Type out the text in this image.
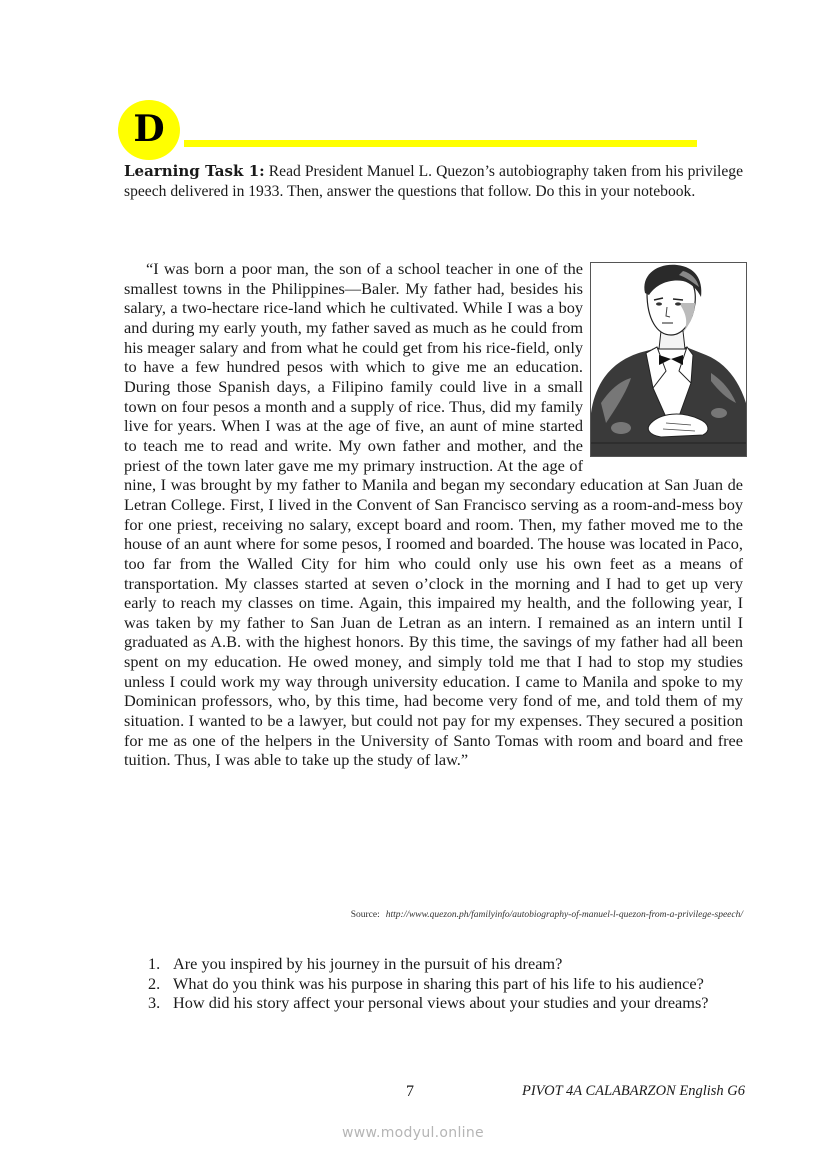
D
Learning Task 1: Read President Manuel L. Quezon’s autobiography taken from his privilege speech delivered in 1933. Then, answer the questions that follow. Do this in your notebook.

“I was born a poor man, the son of a school teacher in one of the smallest towns in the Philippines—Baler. My father had, besides his salary, a two-hectare rice-land which he cultivated. While I was a boy and during my early youth, my father saved as much as he could from his meager salary and from what he could get from his rice-field, only to have a few hundred pesos with which to give me an education. During those Spanish days, a Filipino family could live in a small town on four pesos a month and a supply of rice. Thus, did my family live for years. When I was at the age of five, an aunt of mine started to teach me to read and write. My own father and mother, and the priest of the town later gave me my primary instruction. At the age of nine, I was brought by my father to Manila and began my secondary education at San Juan de Letran College. First, I lived in the Convent of San Francisco serving as a room-and-mess boy for one priest, receiving no salary, except board and room. Then, my father moved me to the house of an aunt where for some pesos, I roomed and boarded. The house was located in Paco, too far from the Walled City for him who could only use his own feet as a means of transportation. My classes started at seven o’clock in the morning and I had to get up very early to reach my classes on time. Again, this impaired my health, and the following year, I was taken by my father to San Juan de Letran as an intern. I remained as an intern until I graduated as A.B. with the highest honors. By this time, the savings of my father had all been spent on my education. He owed money, and simply told me that I had to stop my studies unless I could work my way through university education. I came to Manila and spoke to my Dominican professors, who, by this time, had become very fond of me, and told them of my situation. I wanted to be a lawyer, but could not pay for my expenses. They secured a position for me as one of the helpers in the University of Santo Tomas with room and board and free tuition. Thus, I was able to take up the study of law.”

Source: http://www.quezon.ph/familyinfo/autobiography-of-manuel-l-quezon-from-a-privilege-speech/
1. Are you inspired by his journey in the pursuit of his dream?
2. What do you think was his purpose in sharing this part of his life to his audience?
3. How did his story affect your personal views about your studies and your dreams?
7	PIVOT 4A CALABARZON English G6
www.modyul.online
